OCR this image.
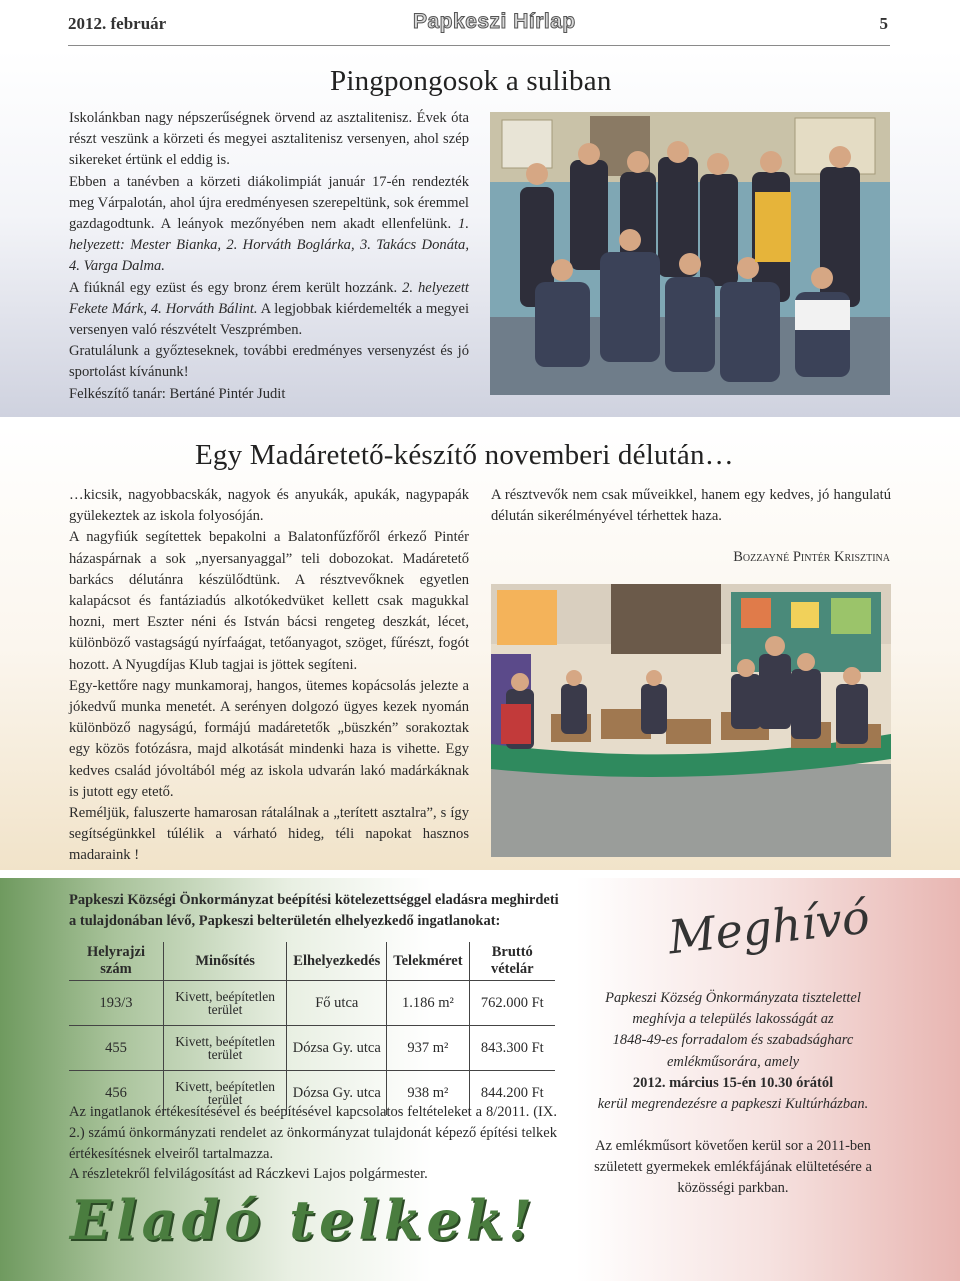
2012. február	Papkeszi Hírlap	5
Pingpongosok a suliban

Iskolánkban nagy népszerűségnek örvend az asztalitenisz. Évek óta részt veszünk a körzeti és megyei asztalitenisz versenyen, ahol szép sikereket értünk el eddig is.

Ebben a tanévben a körzeti diákolimpiát január 17-én rendezték meg Várpalotán, ahol újra eredményesen szerepeltünk, sok éremmel gazdagodtunk. A leányok mezőnyében nem akadt ellenfelünk. 1. helyezett: Mester Bianka, 2. Horváth Boglárka, 3. Takács Donáta, 4. Varga Dalma.

A fiúknál egy ezüst és egy bronz érem került hozzánk. 2. helyezett Fekete Márk, 4. Horváth Bálint. A legjobbak kiérdemelték a megyei versenyen való részvételt Veszprémben.

Gratulálunk a győzteseknek, további eredményes versenyzést és jó sportolást kívánunk!

Felkészítő tanár: Bertáné Pintér Judit

Egy Madáretető-készítő novemberi délután…

…kicsik, nagyobbacskák, nagyok és anyukák, apukák, nagypapák gyülekeztek az iskola folyosóján.

A nagyfiúk segítettek bepakolni a Balatonfűzfőről érkező Pintér házaspárnak a sok „nyersanyaggal” teli dobozokat. Madáretető barkács délutánra készülődtünk. A résztvevőknek egyetlen kalapácsot és fantáziadús alkotókedvüket kellett csak magukkal hozni, mert Eszter néni és István bácsi rengeteg deszkát, lécet, különböző vastagságú nyírfaágat, tetőanyagot, szöget, fűrészt, fogót hozott. A Nyugdíjas Klub tagjai is jöttek segíteni.

Egy-kettőre nagy munkamoraj, hangos, ütemes kopácsolás jelezte a jókedvű munka menetét. A serényen dolgozó ügyes kezek nyomán különböző nagyságú, formájú madáretetők „büszkén” sorakoztak egy közös fotózásra, majd alkotását mindenki haza is vihette. Egy kedves család jóvoltából még az iskola udvarán lakó madárkáknak is jutott egy etető.

Reméljük, faluszerte hamarosan rátalálnak a „terített asztalra”, s így segítségünkkel túlélik a várható hideg, téli napokat hasznos madaraink !

A résztvevők nem csak műveikkel, hanem egy kedves, jó hangulatú délután sikerélményével térhettek haza.
Bozzayné Pintér Krisztina
Papkeszi Községi Önkormányzat beépítési kötelezettséggel eladásra meghirdeti a tulajdonában lévő, Papkeszi belterületén elhelyezkedő ingatlanokat:
Helyrajzi szám	Minősítés	Elhelyezkedés	Telekméret	Bruttó vételár
193/3	Kivett, beépítetlen terület	Fő utca	1.186 m²	762.000 Ft
455	Kivett, beépítetlen terület	Dózsa Gy. utca	937 m²	843.300 Ft
456	Kivett, beépítetlen terület	Dózsa Gy. utca	938 m²	844.200 Ft
Az ingatlanok értékesítésével és beépítésével kapcsolatos feltételeket a 8/2011. (IX. 2.) számú önkormányzati rendelet az önkormányzat tulajdonát képező építési telkek értékesítésnek elveiről tartalmazza.
A részletekről felvilágosítást ad Ráczkevi Lajos polgármester.
Eladó telkek!
Meghívó
Papkeszi Község Önkormányzata tisztelettel
meghívja a település lakosságát az
1848-49-es forradalom és szabadságharc
emlékműsorára, amely
2012. március 15-én 10.30 órától
kerül megrendezésre a papkeszi Kultúrházban.
Az emlékműsort követően kerül sor a 2011-ben született gyermekek emlékfájának elültetésére a közösségi parkban.
